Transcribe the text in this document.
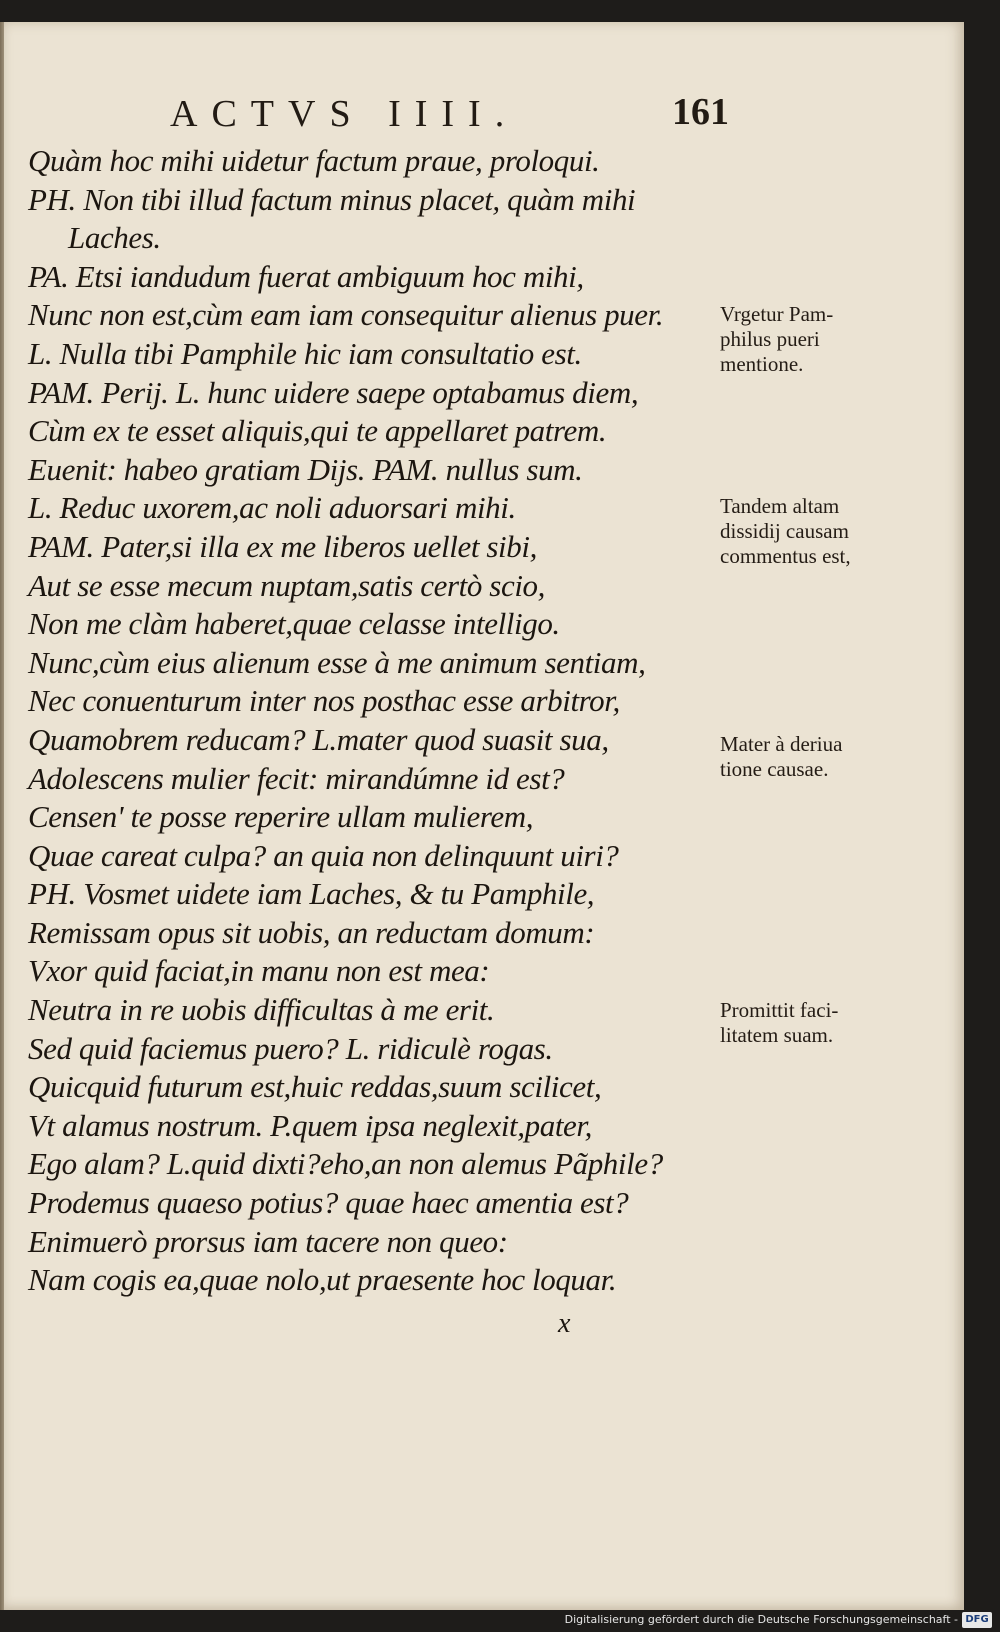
ACTVS IIII.	161
Quàm hoc mihi uidetur factum praue, proloqui.
PH. Non tibi illud factum minus placet, quàm mihi
Laches.
PA. Etsi iandudum fuerat ambiguum hoc mihi,
Nunc non est,cùm eam iam consequitur alienus puer.
L. Nulla tibi Pamphile hic iam consultatio est.
PAM. Perij. L. hunc uidere saepe optabamus diem,
Cùm ex te esset aliquis,qui te appellaret patrem.
Euenit: habeo gratiam Dijs. PAM. nullus sum.
L. Reduc uxorem,ac noli aduorsari mihi.
PAM. Pater,si illa ex me liberos uellet sibi,
Aut se esse mecum nuptam,satis certò scio,
Non me clàm haberet,quae celasse intelligo.
Nunc,cùm eius alienum esse à me animum sentiam,
Nec conuenturum inter nos posthac esse arbitror,
Quamobrem reducam? L.mater quod suasit sua,
Adolescens mulier fecit: mirandúmne id est?
Censen' te posse reperire ullam mulierem,
Quae careat culpa? an quia non delinquunt uiri?
PH. Vosmet uidete iam Laches, & tu Pamphile,
Remissam opus sit uobis, an reductam domum:
Vxor quid faciat,in manu non est mea:
Neutra in re uobis difficultas à me erit.
Sed quid faciemus puero? L. ridiculè rogas.
Quicquid futurum est,huic reddas,suum scilicet,
Vt alamus nostrum. P.quem ipsa neglexit,pater,
Ego alam? L.quid dixti?eho,an non alemus Pãphile?
Prodemus quaeso potius? quae haec amentia est?
Enimuerò prorsus iam tacere non queo:
Nam cogis ea,quae nolo,ut praesente hoc loquar.
Vrgetur Pam-
philus pueri
mentione.
Tandem altam
dissidij causam
commentus est,
Mater à deriua
tione causae.
Promittit faci-
litatem suam.
x
Digitalisierung gefördert durch die Deutsche Forschungsgemeinschaft - DFG
